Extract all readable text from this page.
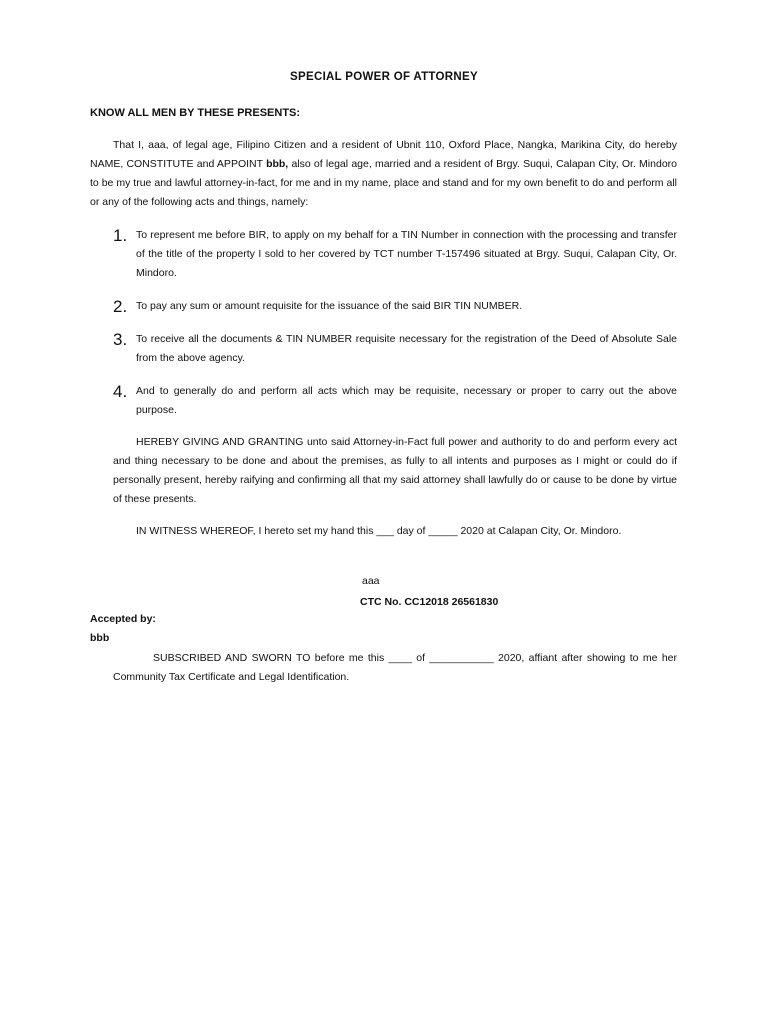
SPECIAL POWER OF ATTORNEY
KNOW ALL MEN BY THESE PRESENTS:
That I, aaa, of legal age, Filipino Citizen and a resident of Ubnit 110, Oxford Place, Nangka, Marikina City, do hereby NAME, CONSTITUTE and APPOINT bbb, also of legal age, married and a resident of Brgy. Suqui, Calapan City, Or. Mindoro to be my true and lawful attorney-in-fact, for me and in my name, place and stand and for my own benefit to do and perform all or any of the following acts and things, namely:
1. To represent me before BIR, to apply on my behalf for a TIN Number in connection with the processing and transfer of the title of the property I sold to her covered by TCT number T-157496 situated at Brgy. Suqui, Calapan City, Or. Mindoro.
2. To pay any sum or amount requisite for the issuance of the said BIR TIN NUMBER.
3. To receive all the documents & TIN NUMBER requisite necessary for the registration of the Deed of Absolute Sale from the above agency.
4. And to generally do and perform all acts which may be requisite, necessary or proper to carry out the above purpose.
HEREBY GIVING AND GRANTING unto said Attorney-in-Fact full power and authority to do and perform every act and thing necessary to be done and about the premises, as fully to all intents and purposes as I might or could do if personally present, hereby raifying and confirming all that my said attorney shall lawfully do or cause to be done by virtue of these presents.
IN WITNESS WHEREOF, I hereto set my hand this ___ day of _____ 2020 at Calapan City, Or. Mindoro.
aaa
CTC No. CC12018 26561830
Accepted by:
bbb
SUBSCRIBED AND SWORN TO before me this ____ of ___________ 2020, affiant after showing to me her Community Tax Certificate and Legal Identification.
